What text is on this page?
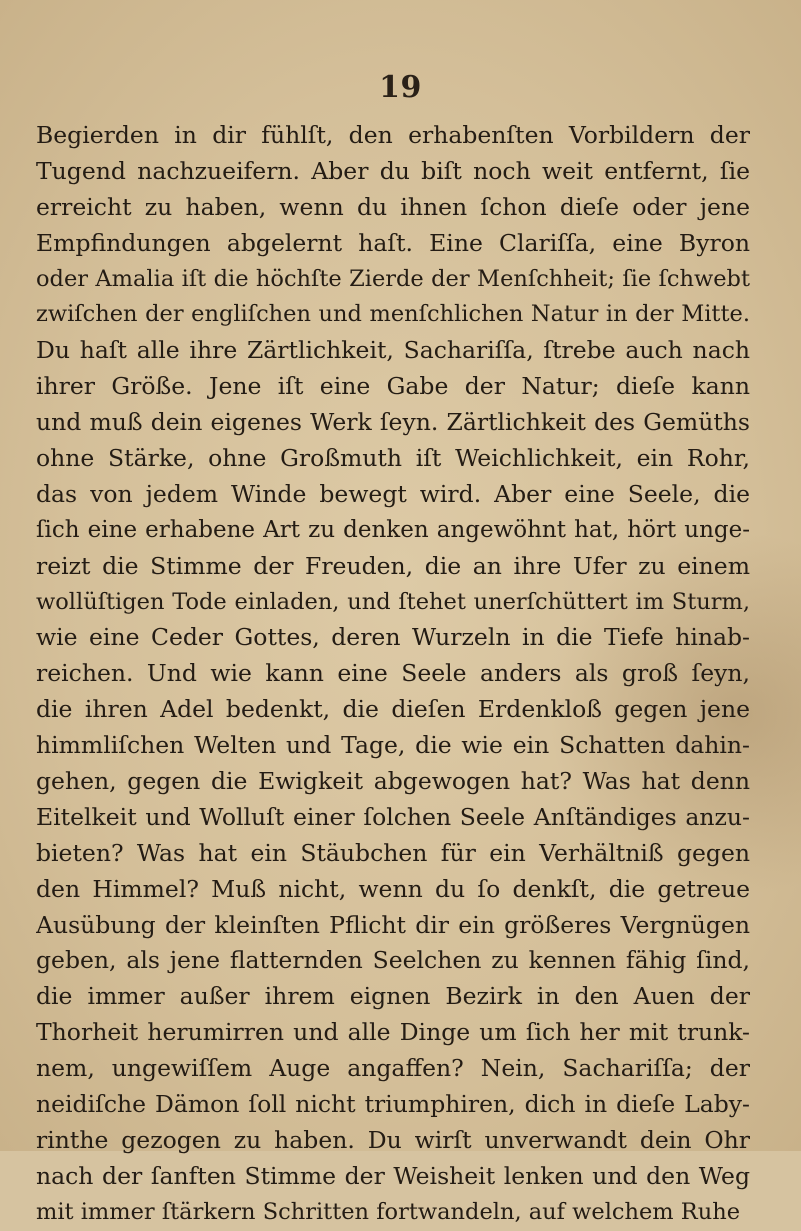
19
Begierden in dir fühlſt, den erhabenſten Vorbildern der
Tugend nachzueifern. Aber du biſt noch weit entfernt, ſie
erreicht zu haben, wenn du ihnen ſchon dieſe oder jene
Empfindungen abgelernt haſt. Eine Clariſſa, eine Byron
oder Amalia iſt die höchſte Zierde der Menſchheit; ſie ſchwebt
zwiſchen der engliſchen und menſchlichen Natur in der Mitte.
Du haſt alle ihre Zärtlichkeit, Sachariſſa, ſtrebe auch nach
ihrer Größe. Jene iſt eine Gabe der Natur; dieſe kann
und muß dein eigenes Werk ſeyn. Zärtlichkeit des Gemüths
ohne Stärke, ohne Großmuth iſt Weichlichkeit, ein Rohr,
das von jedem Winde bewegt wird. Aber eine Seele, die
ſich eine erhabene Art zu denken angewöhnt hat, hört unge-
reizt die Stimme der Freuden, die an ihre Ufer zu einem
wollüſtigen Tode einladen, und ſtehet unerſchüttert im Sturm,
wie eine Ceder Gottes, deren Wurzeln in die Tiefe hinab-
reichen. Und wie kann eine Seele anders als groß ſeyn,
die ihren Adel bedenkt, die dieſen Erdenkloß gegen jene
himmliſchen Welten und Tage, die wie ein Schatten dahin-
gehen, gegen die Ewigkeit abgewogen hat? Was hat denn
Eitelkeit und Wolluſt einer ſolchen Seele Anſtändiges anzu-
bieten? Was hat ein Stäubchen für ein Verhältniß gegen
den Himmel? Muß nicht, wenn du ſo denkſt, die getreue
Ausübung der kleinſten Pflicht dir ein größeres Vergnügen
geben, als jene flatternden Seelchen zu kennen fähig ſind,
die immer außer ihrem eignen Bezirk in den Auen der
Thorheit herumirren und alle Dinge um ſich her mit trunk-
nem, ungewiſſem Auge angaffen? Nein, Sachariſſa; der
neidiſche Dämon ſoll nicht triumphiren, dich in dieſe Laby-
rinthe gezogen zu haben. Du wirſt unverwandt dein Ohr
nach der ſanften Stimme der Weisheit lenken und den Weg
mit immer ſtärkern Schritten fortwandeln, auf welchem Ruhe
